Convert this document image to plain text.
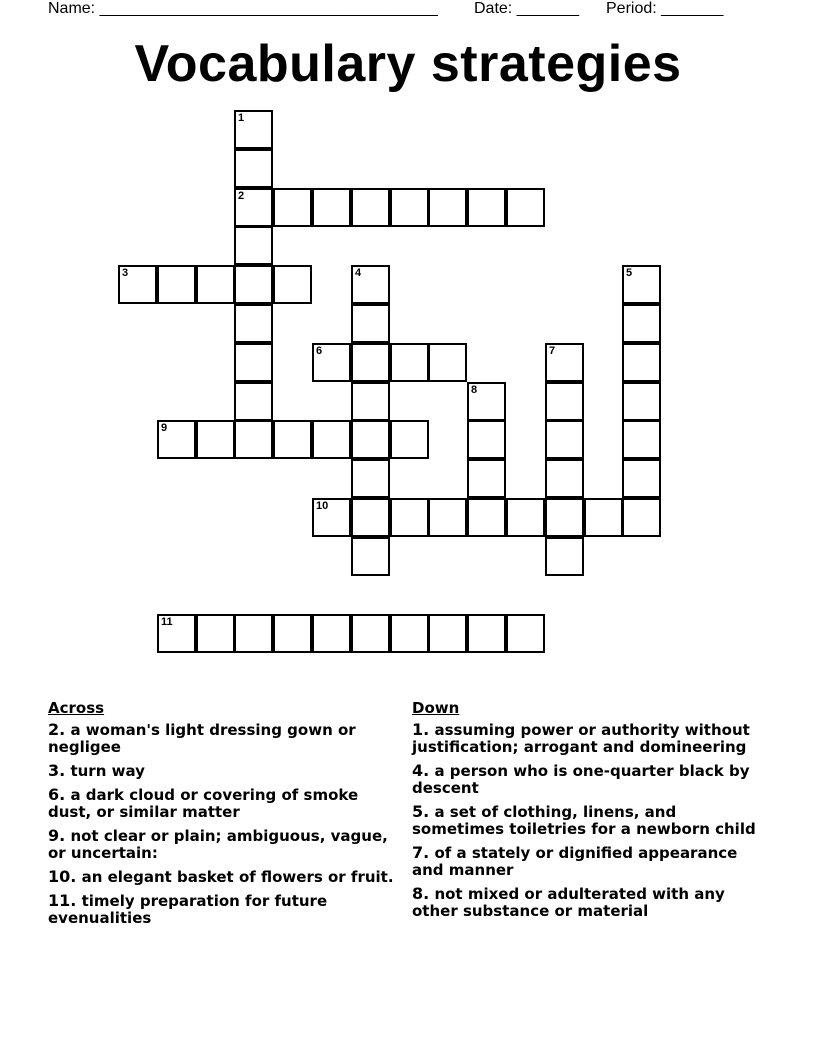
Name: ______________________________________

Date: _______

Period: _______

Vocabulary strategies
1
2
3	4	5
6	7
8
9
10
11
Across
2. a woman's light dressing gown or negligee
3. turn way
6. a dark cloud or covering of smoke dust, or similar matter
9. not clear or plain; ambiguous, vague, or uncertain:
10. an elegant basket of flowers or fruit.
11. timely preparation for future evenualities
Down
1. assuming power or authority without justification; arrogant and domineering
4. a person who is one-quarter black by descent
5. a set of clothing, linens, and sometimes toiletries for a newborn child
7. of a stately or dignified appearance and manner
8. not mixed or adulterated with any other substance or material
